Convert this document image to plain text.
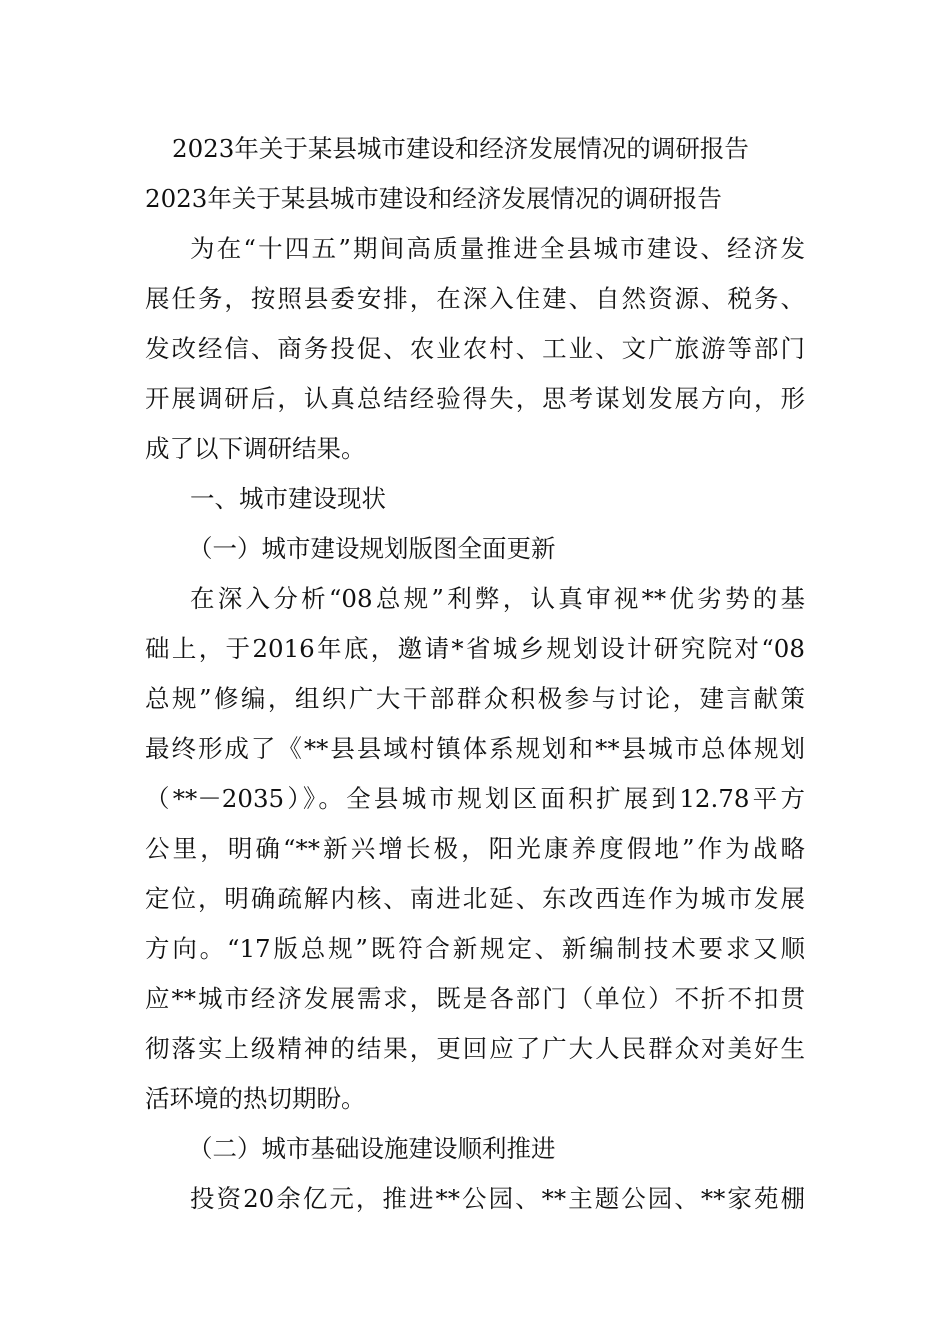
2023年关于某县城市建设和经济发展情况的调研报告
2023年关于某县城市建设和经济发展情况的调研报告
为在“十四五”期间高质量推进全县城市建设、经济发
展任务，按照县委安排，在深入住建、自然资源、税务、
发改经信、商务投促、农业农村、工业、文广旅游等部门
开展调研后，认真总结经验得失，思考谋划发展方向，形
成了以下调研结果。
一、城市建设现状
（一）城市建设规划版图全面更新
在深入分析“08总规”利弊，认真审视**优劣势的基
础上，于2016年底，邀请*省城乡规划设计研究院对“08
总规”修编，组织广大干部群众积极参与讨论，建言献策
最终形成了《**县县域村镇体系规划和**县城市总体规划
（**－2035）》。全县城市规划区面积扩展到12.78平方
公里，明确“**新兴增长极，阳光康养度假地”作为战略
定位，明确疏解内核、南进北延、东改西连作为城市发展
方向。“17版总规”既符合新规定、新编制技术要求又顺
应**城市经济发展需求，既是各部门（单位）不折不扣贯
彻落实上级精神的结果，更回应了广大人民群众对美好生
活环境的热切期盼。
（二）城市基础设施建设顺利推进
投资20余亿元，推进**公园、**主题公园、**家苑棚
